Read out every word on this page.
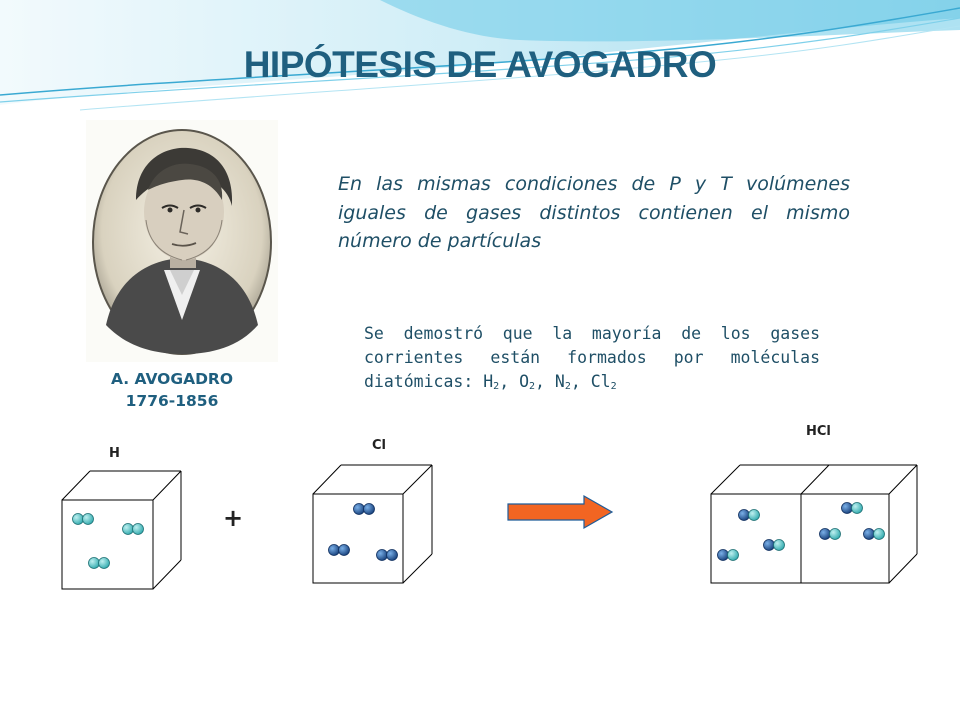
HIPÓTESIS DE AVOGADRO
A. AVOGADRO
1776-1856
En las mismas condiciones de P y T volúmenes iguales de gases distintos contienen el mismo número de partículas
Se demostró que la mayoría de los gases corrientes están formados por moléculas diatómicas: $H_2$, $O_2$, $N_2$, $Cl_2$
H
Cl
HCl
+
